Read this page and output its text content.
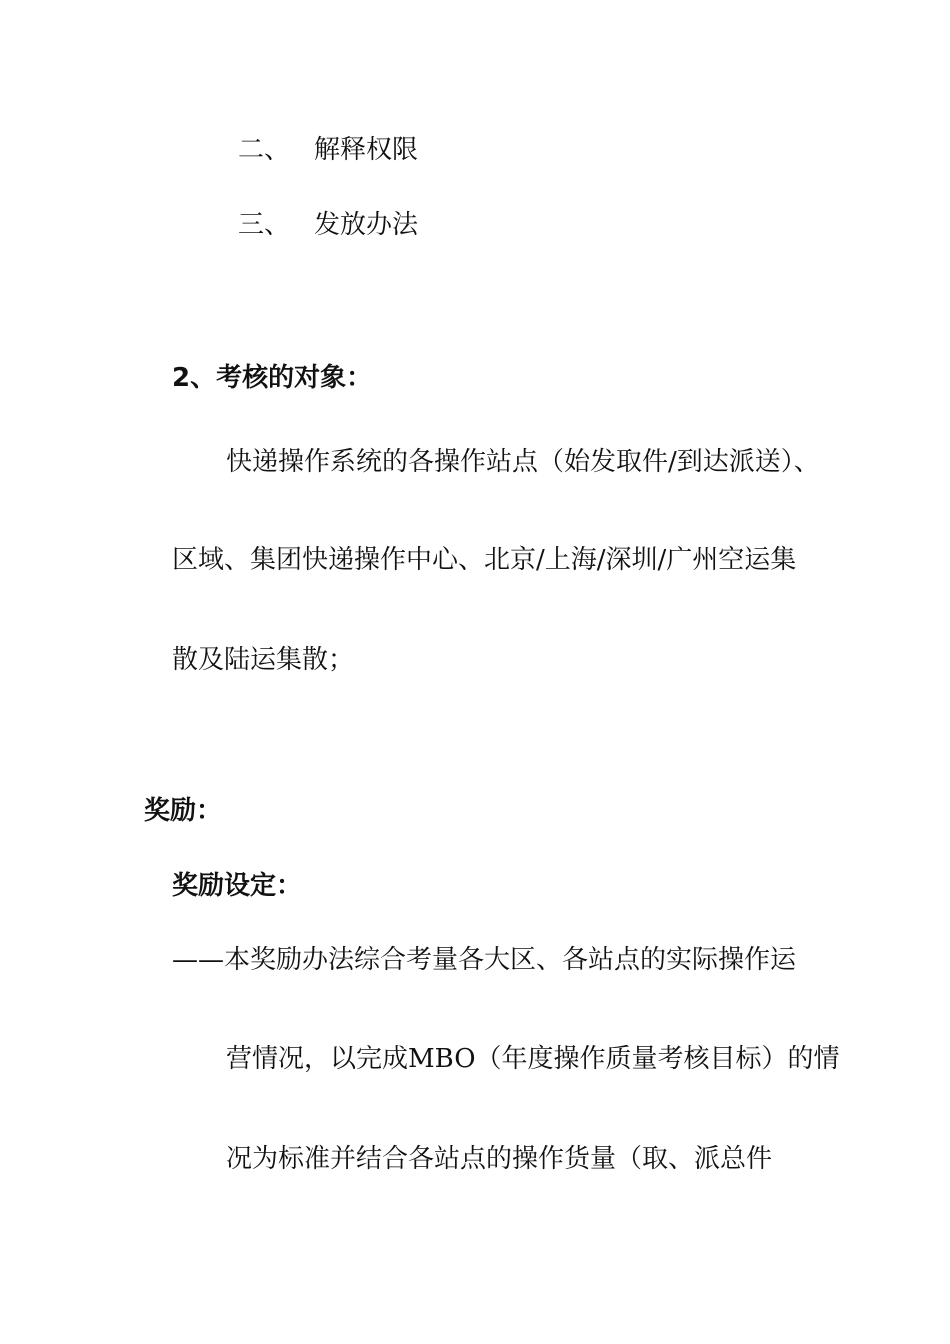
二、 解释权限
三、 发放办法
2、考核的对象：
快递操作系统的各操作站点（始发取件/到达派送）、
区域、集团快递操作中心、北京/上海/深圳/广州空运集
散及陆运集散；
奖励：
奖励设定：
——本奖励办法综合考量各大区、各站点的实际操作运
营情况，以完成MBO（年度操作质量考核目标）的情
况为标准并结合各站点的操作货量（取、派总件
